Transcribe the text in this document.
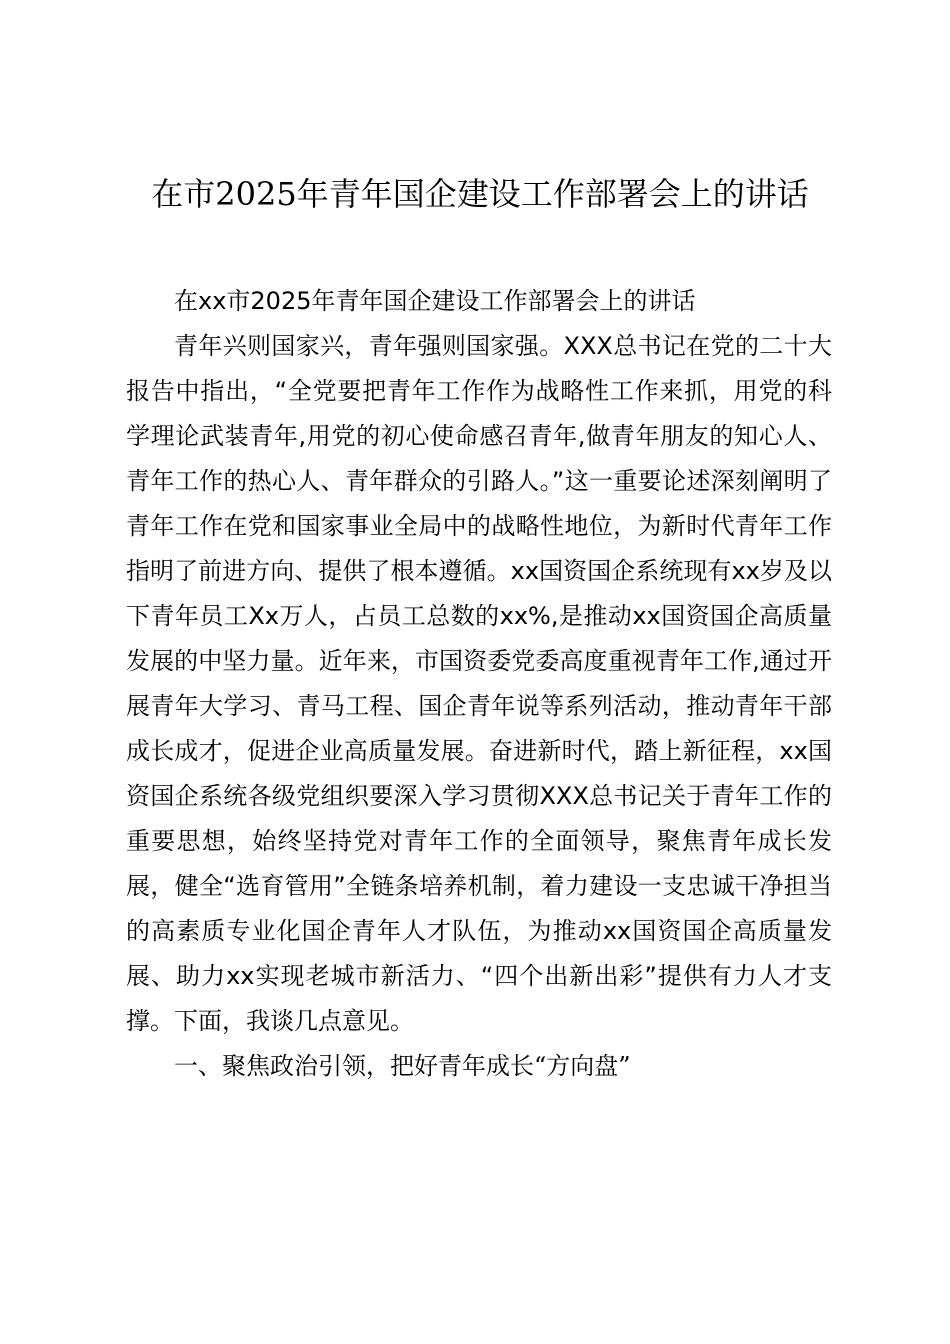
在市2025年青年国企建设工作部署会上的讲话

在xx市2025年青年国企建设工作部署会上的讲话

青年兴则国家兴，青年强则国家强。XXX总书记在党的二十大报告中指出，“全党要把青年工作作为战略性工作来抓，用党的科学理论武装青年,用党的初心使命感召青年,做青年朋友的知心人、青年工作的热心人、青年群众的引路人。”这一重要论述深刻阐明了青年工作在党和国家事业全局中的战略性地位，为新时代青年工作指明了前进方向、提供了根本遵循。xx国资国企系统现有xx岁及以下青年员工Xx万人，占员工总数的xx%,是推动xx国资国企高质量发展的中坚力量。近年来，市国资委党委高度重视青年工作,通过开展青年大学习、青马工程、国企青年说等系列活动，推动青年干部成长成才，促进企业高质量发展。奋进新时代，踏上新征程，xx国资国企系统各级党组织要深入学习贯彻XXX总书记关于青年工作的重要思想，始终坚持党对青年工作的全面领导，聚焦青年成长发展，健全“选育管用”全链条培养机制，着力建设一支忠诚干净担当的高素质专业化国企青年人才队伍，为推动xx国资国企高质量发展、助力xx实现老城市新活力、“四个出新出彩”提供有力人才支撑。下面，我谈几点意见。

一、聚焦政治引领，把好青年成长“方向盘”
